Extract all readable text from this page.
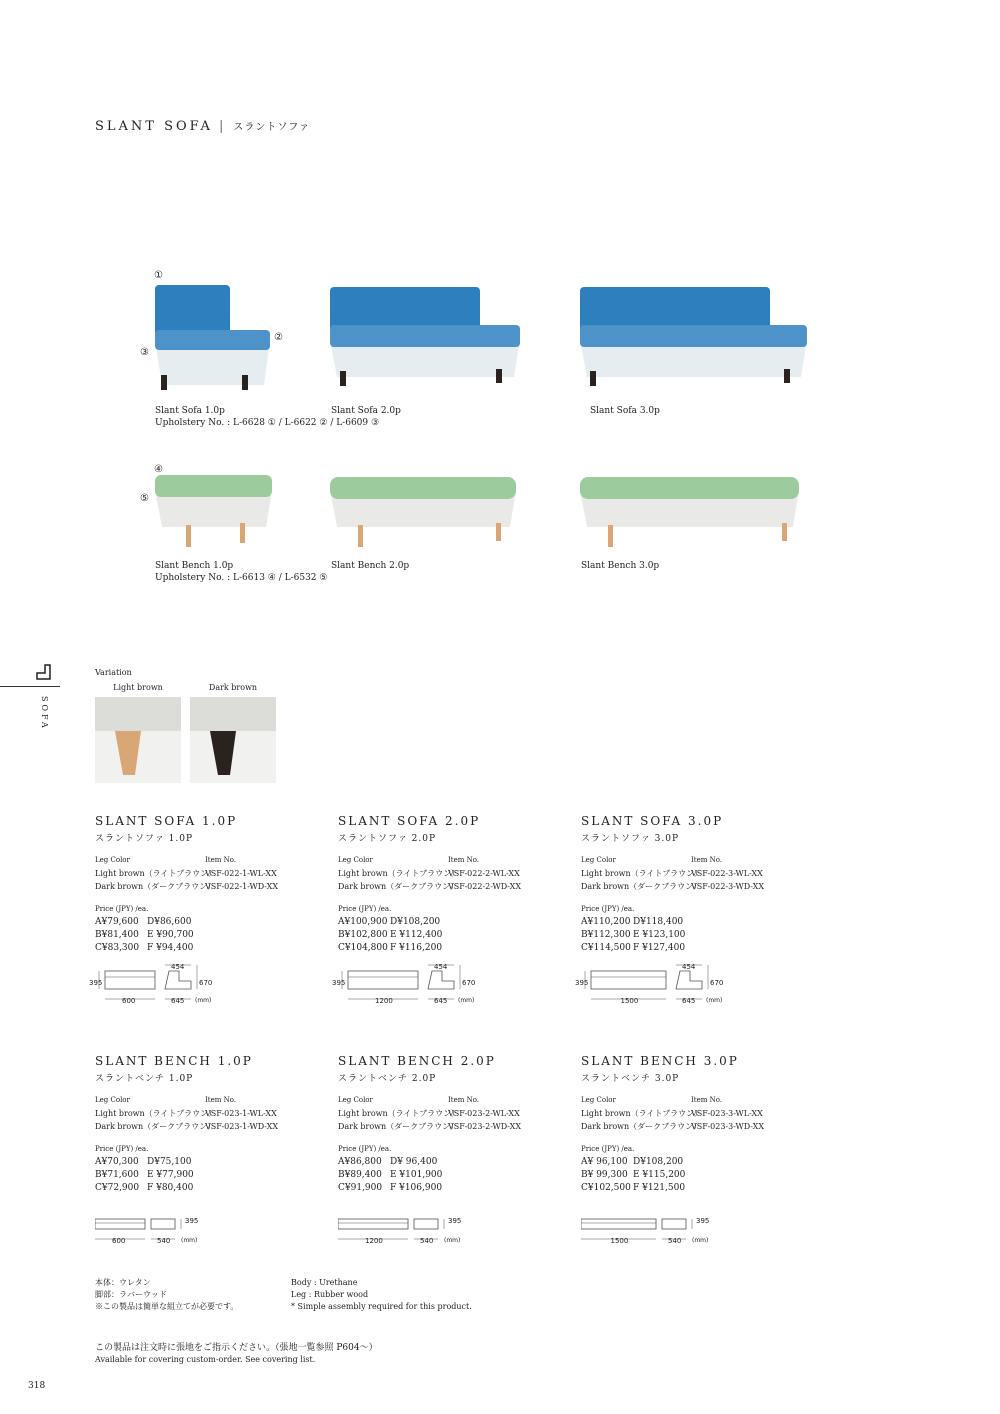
SLANT SOFA | スラントソファ
①
②
③
Slant Sofa 1.0p
Upholstery No. : L-6628 ① / L-6622 ② / L-6609 ③
Slant Sofa 2.0p	Slant Sofa 3.0p
④
⑤
Slant Bench 1.0p
Upholstery No. : L-6613 ④ / L-6532 ⑤
Slant Bench 2.0p	Slant Bench 3.0p
SOFA
Variation
Light brown	Dark brown
SLANT SOFA 1.0P
スラントソファ 1.0P
Leg Color	Item No.
Light brown（ライトブラウン）
VSF-022-1-WL-XX
Dark brown（ダークブラウン）
VSF-022-1-WD-XX
Price (JPY) /ea.
A¥79,600 D¥86,600
B¥81,400 E ¥90,700
C¥83,300 F ¥94,400
395
454
670
600	645 (mm)
SLANT SOFA 2.0P
スラントソファ 2.0P
Leg Color	Item No.
Light brown（ライトブラウン）
VSF-022-2-WL-XX
Dark brown（ダークブラウン）
VSF-022-2-WD-XX
Price (JPY) /ea.
A¥100,900 D¥108,200
B¥102,800 E ¥112,400
C¥104,800 F ¥116,200
395
454
670
1200	645 (mm)
SLANT SOFA 3.0P
スラントソファ 3.0P
Leg Color	Item No.
Light brown（ライトブラウン）
VSF-022-3-WL-XX
Dark brown（ダークブラウン）
VSF-022-3-WD-XX
Price (JPY) /ea.
A¥110,200 D¥118,400
B¥112,300 E ¥123,100
C¥114,500 F ¥127,400
395
454
670
1500	645 (mm)
SLANT BENCH 1.0P
スラントベンチ 1.0P
Leg Color	Item No.
Light brown（ライトブラウン）
VSF-023-1-WL-XX
Dark brown（ダークブラウン）
VSF-023-1-WD-XX
Price (JPY) /ea.
A¥70,300 D¥75,100
B¥71,600 E ¥77,900
C¥72,900 F ¥80,400
395
600	540 (mm)
SLANT BENCH 2.0P
スラントベンチ 2.0P
Leg Color	Item No.
Light brown（ライトブラウン）
VSF-023-2-WL-XX
Dark brown（ダークブラウン）
VSF-023-2-WD-XX
Price (JPY) /ea.
A¥86,800 D¥ 96,400
B¥89,400 E ¥101,900
C¥91,900 F ¥106,900
395
1200	540 (mm)
SLANT BENCH 3.0P
スラントベンチ 3.0P
Leg Color	Item No.
Light brown（ライトブラウン）
VSF-023-3-WL-XX
Dark brown（ダークブラウン）
VSF-023-3-WD-XX
Price (JPY) /ea.
A¥ 96,100 D¥108,200
B¥ 99,300 E ¥115,200
C¥102,500 F ¥121,500
395
1500	540 (mm)
本体：ウレタン
脚部：ラバーウッド
※この製品は簡単な組立てが必要です。
Body : Urethane
Leg : Rubber wood
* Simple assembly required for this product.
この製品は注文時に張地をご指示ください。（張地一覧参照 P604～）
Available for covering custom-order. See covering list.
318
